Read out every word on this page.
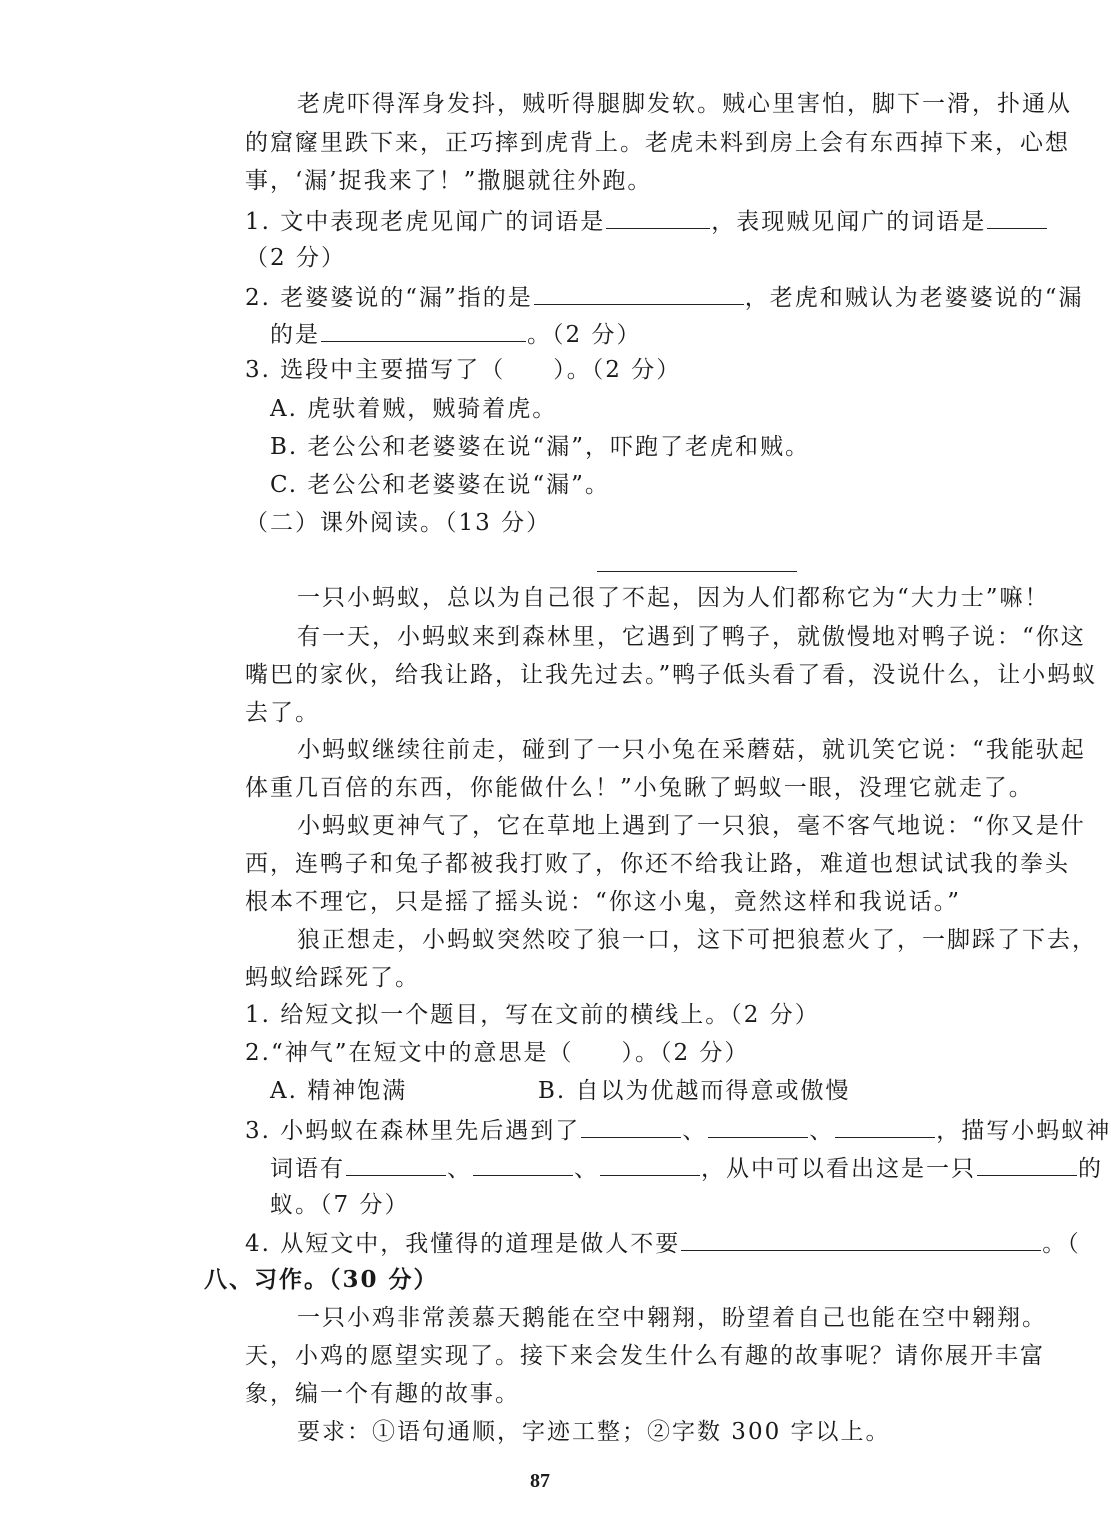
老虎吓得浑身发抖，贼听得腿脚发软。贼心里害怕，脚下一滑，扑通从
的窟窿里跌下来，正巧摔到虎背上。老虎未料到房上会有东西掉下来，心想
事，‘漏’捉我来了！”撒腿就往外跑。
1. 文中表现老虎见闻广的词语是	，表现贼见闻广的词语是
（2 分）
2. 老婆婆说的“漏”指的是	，老虎和贼认为老婆婆说的“漏
的是	。（2 分）
3. 选段中主要描写了（ ）。（2 分）
A. 虎驮着贼，贼骑着虎。
B. 老公公和老婆婆在说“漏”，吓跑了老虎和贼。
C. 老公公和老婆婆在说“漏”。
（二）课外阅读。（13 分）
一只小蚂蚁，总以为自己很了不起，因为人们都称它为“大力士”嘛！
有一天，小蚂蚁来到森林里，它遇到了鸭子，就傲慢地对鸭子说：“你这
嘴巴的家伙，给我让路，让我先过去。”鸭子低头看了看，没说什么，让小蚂蚁
去了。
小蚂蚁继续往前走，碰到了一只小兔在采蘑菇，就讥笑它说：“我能驮起
体重几百倍的东西，你能做什么！”小兔瞅了蚂蚁一眼，没理它就走了。
小蚂蚁更神气了，它在草地上遇到了一只狼，毫不客气地说：“你又是什
西，连鸭子和兔子都被我打败了，你还不给我让路，难道也想试试我的拳头
根本不理它，只是摇了摇头说：“你这小鬼，竟然这样和我说话。”
狼正想走，小蚂蚁突然咬了狼一口，这下可把狼惹火了，一脚踩了下去，
蚂蚁给踩死了。
1. 给短文拟一个题目，写在文前的横线上。（2 分）
2.“神气”在短文中的意思是（ ）。（2 分）
A. 精神饱满	B. 自以为优越而得意或傲慢
3. 小蚂蚁在森林里先后遇到了	、	、	，描写小蚂蚁神
词语有	、	、	，从中可以看出这是一只	的
蚁。（7 分）
4. 从短文中，我懂得的道理是做人不要	。（
八、习作。（30 分）
一只小鸡非常羡慕天鹅能在空中翱翔，盼望着自己也能在空中翱翔。
天，小鸡的愿望实现了。接下来会发生什么有趣的故事呢？请你展开丰富
象，编一个有趣的故事。
要求：①语句通顺，字迹工整；②字数 300 字以上。
87
